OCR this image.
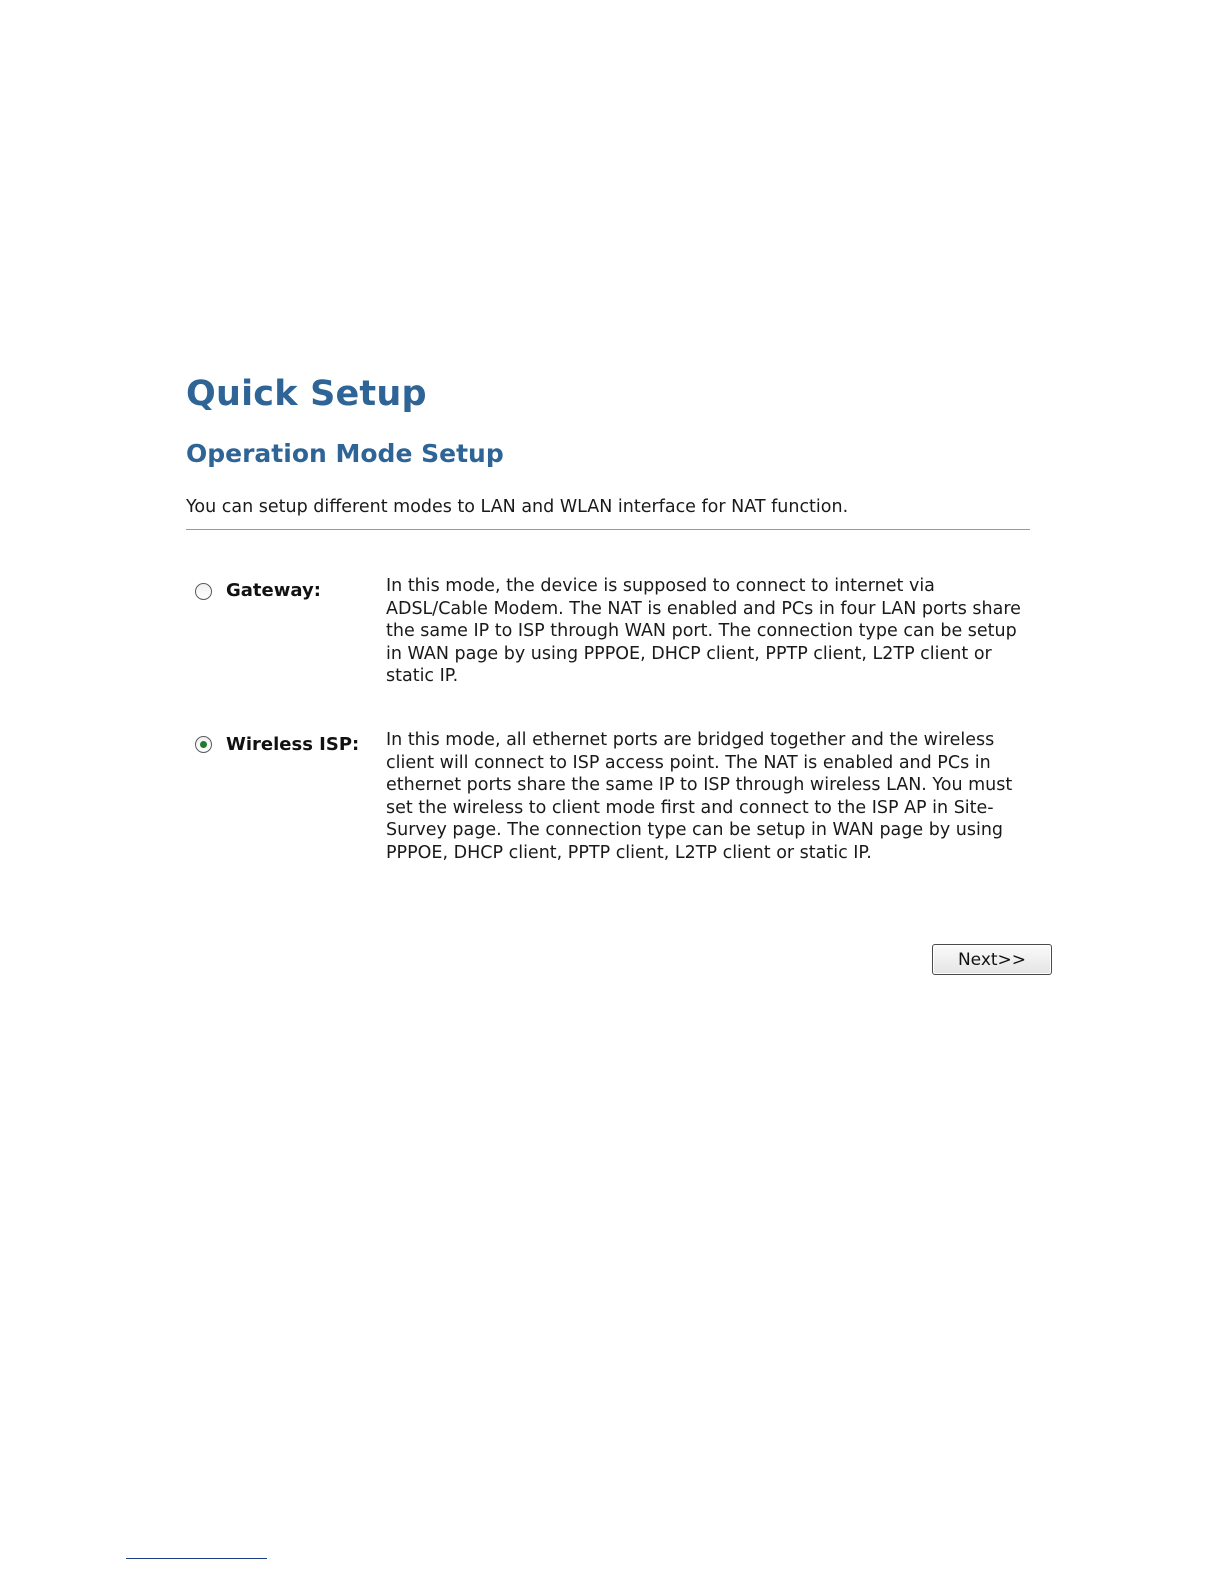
Quick Setup
Operation Mode Setup

You can setup different modes to LAN and WLAN interface for NAT function.

Gateway:	In this mode, the device is supposed to connect to internet via ADSL/Cable Modem. The NAT is enabled and PCs in four LAN ports share the same IP to ISP through WAN port. The connection type can be setup in WAN page by using PPPOE, DHCP client, PPTP client, L2TP client or static IP.

Wireless ISP: In this mode, all ethernet ports are bridged together and the wireless client will connect to ISP access point. The NAT is enabled and PCs in ethernet ports share the same IP to ISP through wireless LAN. You must set the wireless to client mode first and connect to the ISP AP in Site-Survey page. The connection type can be setup in WAN page by using PPPOE, DHCP client, PPTP client, L2TP client or static IP.

Next>>
